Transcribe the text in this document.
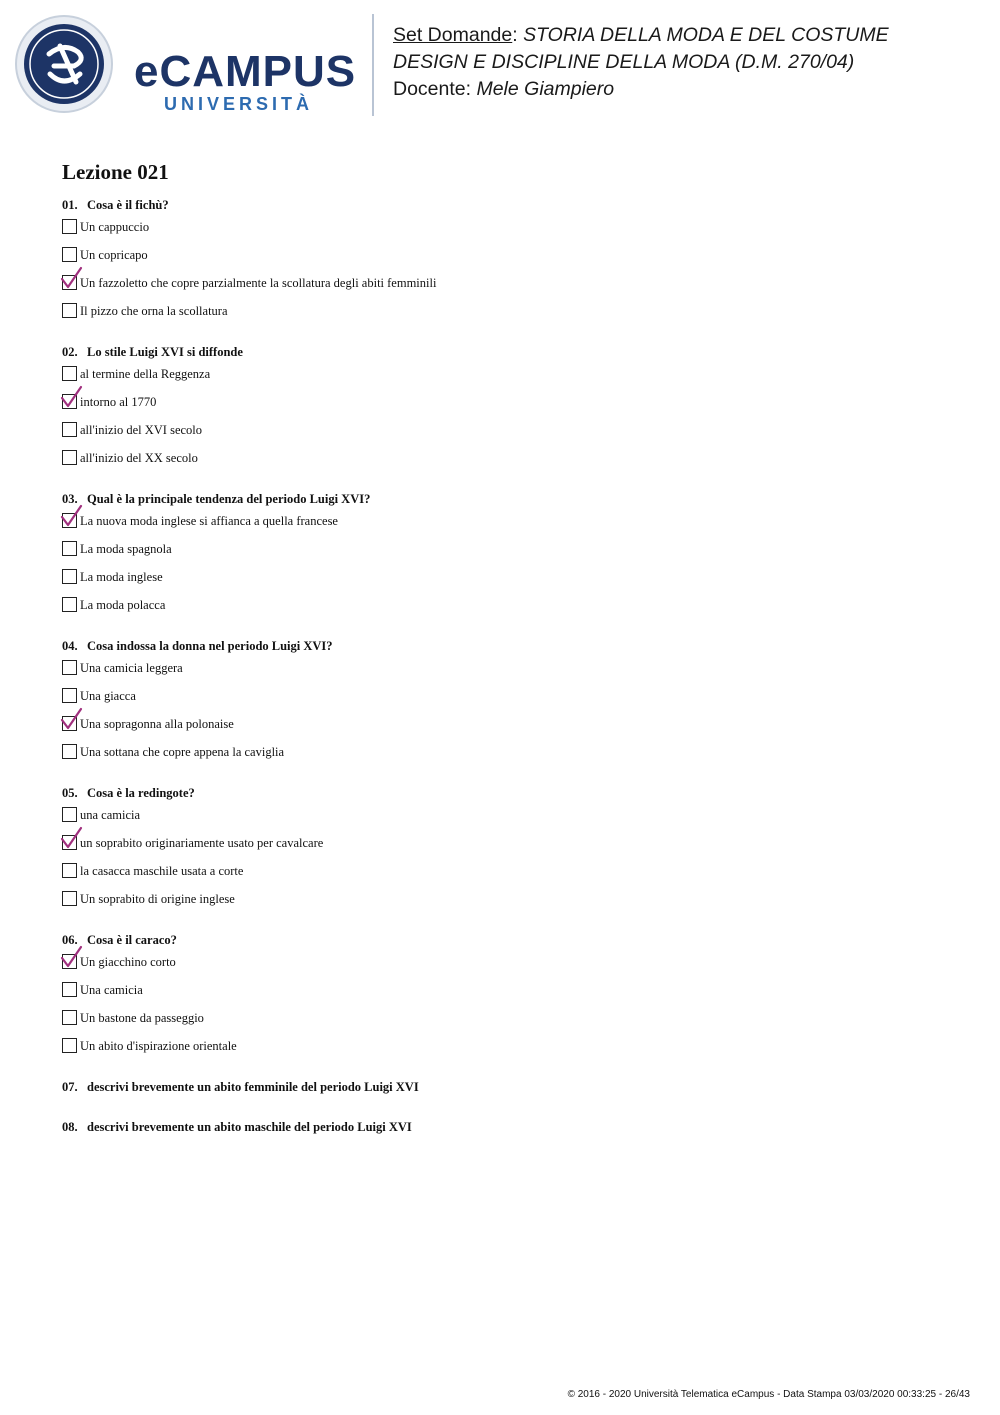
eCAMPUS
UNIVERSITÀ
Set Domande: STORIA DELLA MODA E DEL COSTUME
DESIGN E DISCIPLINE DELLA MODA (D.M. 270/04)
Docente: Mele Giampiero
Lezione 021
01. Cosa è il fichù?
Un cappuccio
Un copricapo
Un fazzoletto che copre parzialmente la scollatura degli abiti femminili
Il pizzo che orna la scollatura
02. Lo stile Luigi XVI si diffonde
al termine della Reggenza
intorno al 1770
all'inizio del XVI secolo
all'inizio del XX secolo
03. Qual è la principale tendenza del periodo Luigi XVI?
La nuova moda inglese si affianca a quella francese
La moda spagnola
La moda inglese
La moda polacca
04. Cosa indossa la donna nel periodo Luigi XVI?
Una camicia leggera
Una giacca
Una sopragonna alla polonaise
Una sottana che copre appena la caviglia
05. Cosa è la redingote?
una camicia
un soprabito originariamente usato per cavalcare
la casacca maschile usata a corte
Un soprabito di origine inglese
06. Cosa è il caraco?
Un giacchino corto
Una camicia
Un bastone da passeggio
Un abito d'ispirazione orientale
07. descrivi brevemente un abito femminile del periodo Luigi XVI
08. descrivi brevemente un abito maschile del periodo Luigi XVI
© 2016 - 2020 Università Telematica eCampus - Data Stampa 03/03/2020 00:33:25 - 26/43
